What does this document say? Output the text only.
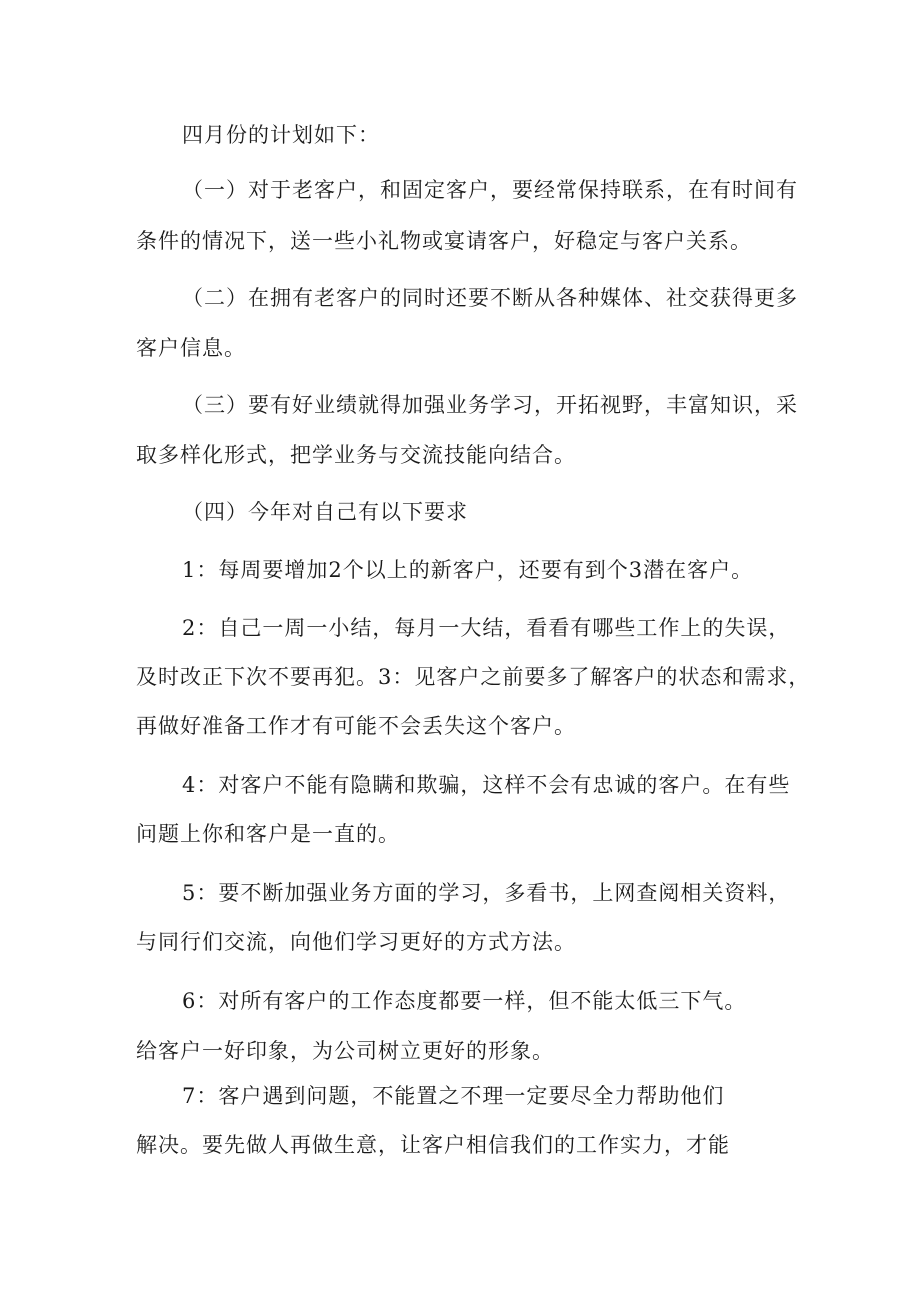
四月份的计划如下：
（一）对于老客户，和固定客户，要经常保持联系，在有时间有
条件的情况下，送一些小礼物或宴请客户，好稳定与客户关系。
（二）在拥有老客户的同时还要不断从各种媒体、社交获得更多
客户信息。
（三）要有好业绩就得加强业务学习，开拓视野，丰富知识，采
取多样化形式，把学业务与交流技能向结合。
（四）今年对自己有以下要求
1：每周要增加2个以上的新客户，还要有到个3潜在客户。
2：自己一周一小结，每月一大结，看看有哪些工作上的失误，
及时改正下次不要再犯。3：见客户之前要多了解客户的状态和需求，
再做好准备工作才有可能不会丢失这个客户。
4：对客户不能有隐瞒和欺骗，这样不会有忠诚的客户。在有些
问题上你和客户是一直的。
5：要不断加强业务方面的学习，多看书，上网查阅相关资料，
与同行们交流，向他们学习更好的方式方法。
6：对所有客户的工作态度都要一样，但不能太低三下气。
给客户一好印象，为公司树立更好的形象。
7：客户遇到问题，不能置之不理一定要尽全力帮助他们
解决。要先做人再做生意，让客户相信我们的工作实力，才能
